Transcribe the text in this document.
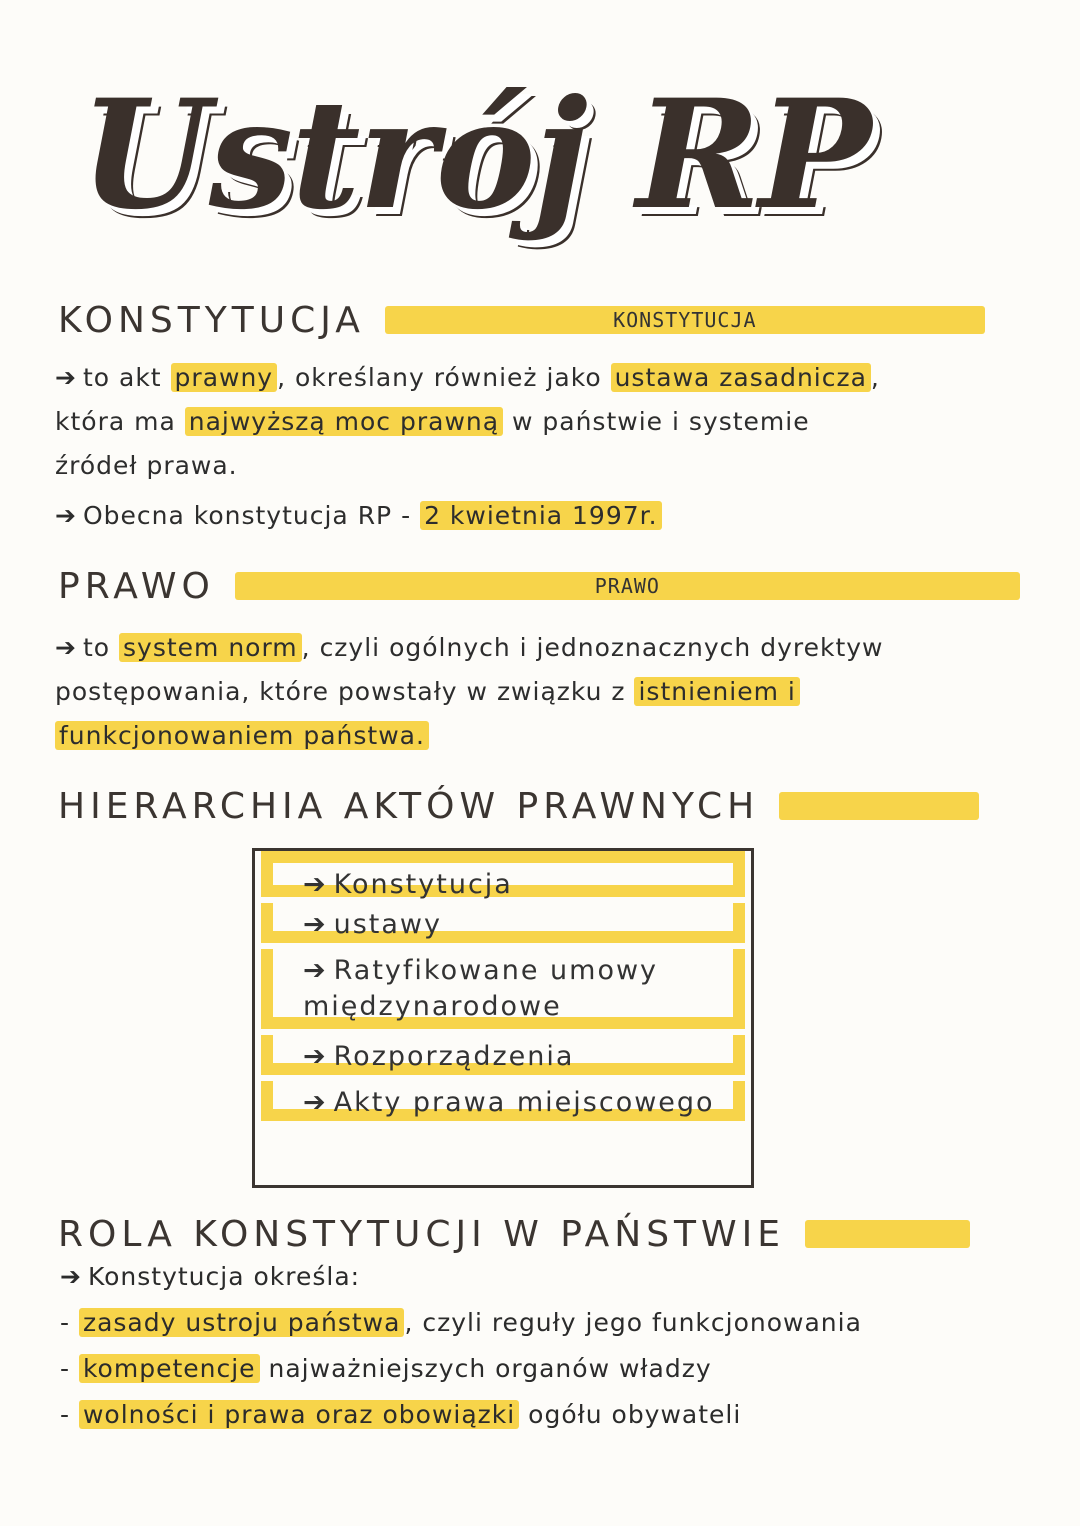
Ustrój RP
KONSTYTUCJA	KONSTYTUCJA
➔ to akt prawny , określany również jako ustawa zasadnicza ,
która ma najwyższą moc prawną w państwie i systemie
źródeł prawa.
➔ Obecna konstytucja RP - 2 kwietnia 1997r.
PRAWO	PRAWO
➔ to system norm , czyli ogólnych i jednoznacznych dyrektyw
postępowania, które powstały w związku z istnieniem i
funkcjonowaniem państwa.
HIERARCHIA AKTÓW PRAWNYCH
➔ Konstytucja
➔ ustawy
➔ Ratyfikowane umowy międzynarodowe
➔ Rozporządzenia
➔ Akty prawa miejscowego
ROLA KONSTYTUCJI W PAŃSTWIE
➔ Konstytucja określa:
- zasady ustroju państwa , czyli reguły jego funkcjonowania
- kompetencje najważniejszych organów władzy
- wolności i prawa oraz obowiązki ogółu obywateli
